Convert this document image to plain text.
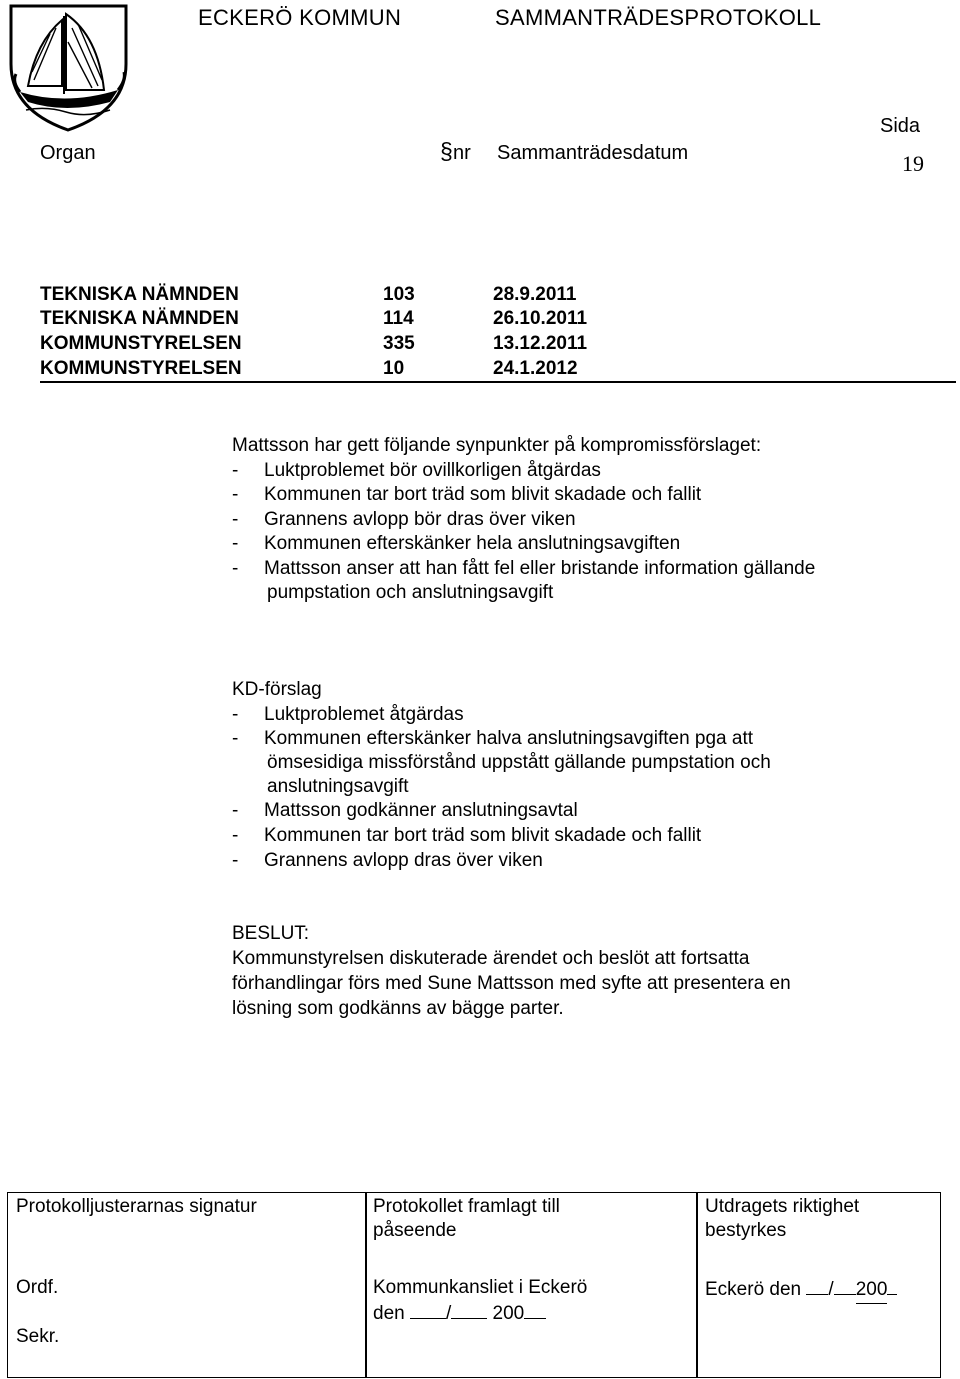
ECKERÖ KOMMUN	SAMMANTRÄDESPROTOKOLL
Sida
19
Organ	§ nr Sammanträdesdatum
TEKNISKA NÄMNDEN	103	28.9.2011
TEKNISKA NÄMNDEN	114	26.10.2011
KOMMUNSTYRELSEN	335	13.12.2011
KOMMUNSTYRELSEN	10	24.1.2012
Mattsson har gett följande synpunkter på kompromissförslaget:
- Luktproblemet bör ovillkorligen åtgärdas
- Kommunen tar bort träd som blivit skadade och fallit
- Grannens avlopp bör dras över viken
- Kommunen efterskänker hela anslutningsavgiften
- Mattsson anser att han fått fel eller bristande information gällande
pumpstation och anslutningsavgift
KD-förslag
- Luktproblemet åtgärdas
- Kommunen efterskänker halva anslutningsavgiften pga att
ömsesidiga missförstånd uppstått gällande pumpstation och
anslutningsavgift
- Mattsson godkänner anslutningsavtal
- Kommunen tar bort träd som blivit skadade och fallit
- Grannens avlopp dras över viken
BESLUT:
Kommunstyrelsen diskuterade ärendet och beslöt att fortsatta
förhandlingar förs med Sune Mattsson med syfte att presentera en
lösning som godkänns av bägge parter.
Protokolljusterarnas signatur	Protokollet framlagt till
påseende
Utdragets riktighet
bestyrkes
Ordf.
Sekr.
Kommunkansliet i Eckerö
den / 200
Eckerö den / 200
